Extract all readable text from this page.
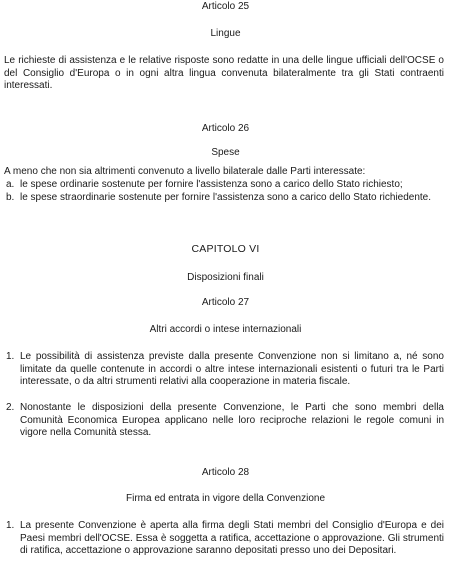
Articolo 25
Lingue
Le richieste di assistenza e le relative risposte sono redatte in una delle lingue ufficiali dell'OCSE o del Consiglio d'Europa o in ogni altra lingua convenuta bilateralmente tra gli Stati contraenti interessati.
Articolo 26
Spese
A meno che non sia altrimenti convenuto a livello bilaterale dalle Parti interessate:
a. le spese ordinarie sostenute per fornire l'assistenza sono a carico dello Stato richiesto;
b. le spese straordinarie sostenute per fornire l'assistenza sono a carico dello Stato richiedente.
CAPITOLO VI
Disposizioni finali
Articolo 27
Altri accordi o intese internazionali
1. Le possibilità di assistenza previste dalla presente Convenzione non si limitano a, né sono limitate da quelle contenute in accordi o altre intese internazionali esistenti o futuri tra le Parti interessate, o da altri strumenti relativi alla cooperazione in materia fiscale.
2. Nonostante le disposizioni della presente Convenzione, le Parti che sono membri della Comunità Economica Europea applicano nelle loro reciproche relazioni le regole comuni in vigore nella Comunità stessa.
Articolo 28
Firma ed entrata in vigore della Convenzione
1. La presente Convenzione è aperta alla firma degli Stati membri del Consiglio d'Europa e dei Paesi membri dell'OCSE. Essa è soggetta a ratifica, accettazione o approvazione. Gli strumenti di ratifica, accettazione o approvazione saranno depositati presso uno dei Depositari.
